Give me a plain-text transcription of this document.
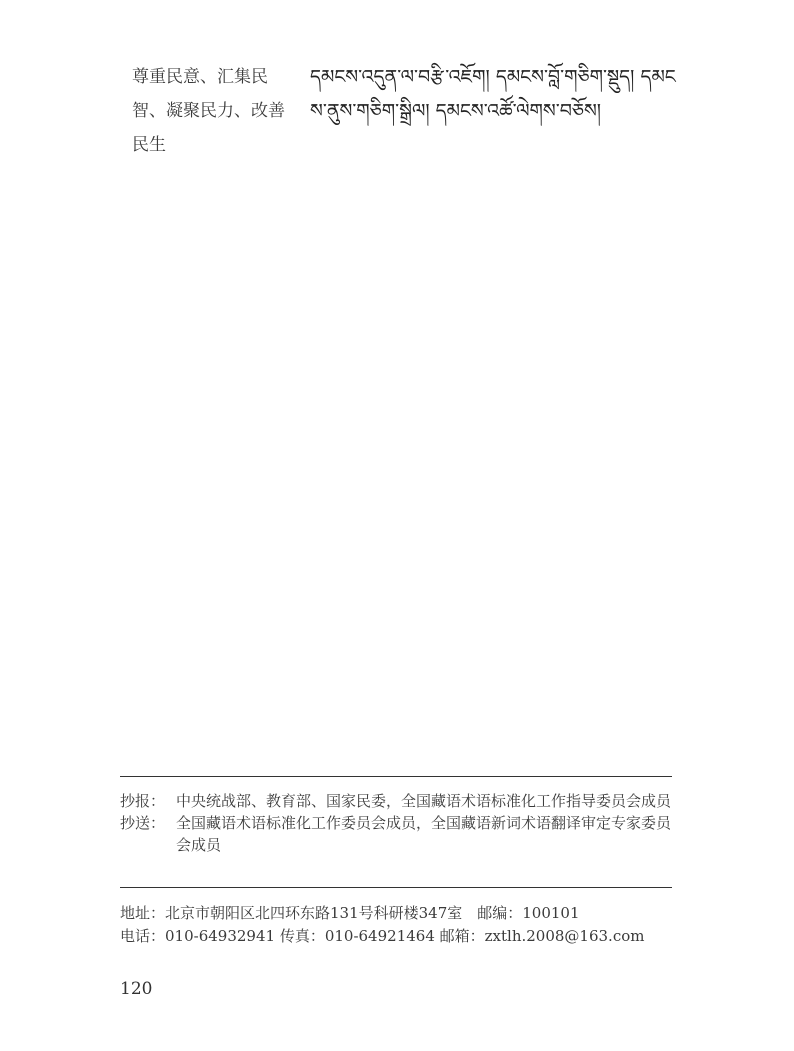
尊重民意、汇集民智、凝聚民力、改善民生
དམངས་འདུན་ལ་བརྩི་འཇོག། དམངས་བློ་གཅིག་སྡུད། དམངས་ནུས་གཅིག་སྒྲིལ། དམངས་འཚོ་ལེགས་བཅོས།
抄报： 中央统战部、教育部、国家民委，全国藏语术语标准化工作指导委员会成员
抄送： 全国藏语术语标准化工作委员会成员，全国藏语新词术语翻译审定专家委员会成员
地址：北京市朝阳区北四环东路131号科研楼347室　邮编：100101
电话：010-64932941 传真：010-64921464 邮箱：zxtlh.2008@163.com
120
